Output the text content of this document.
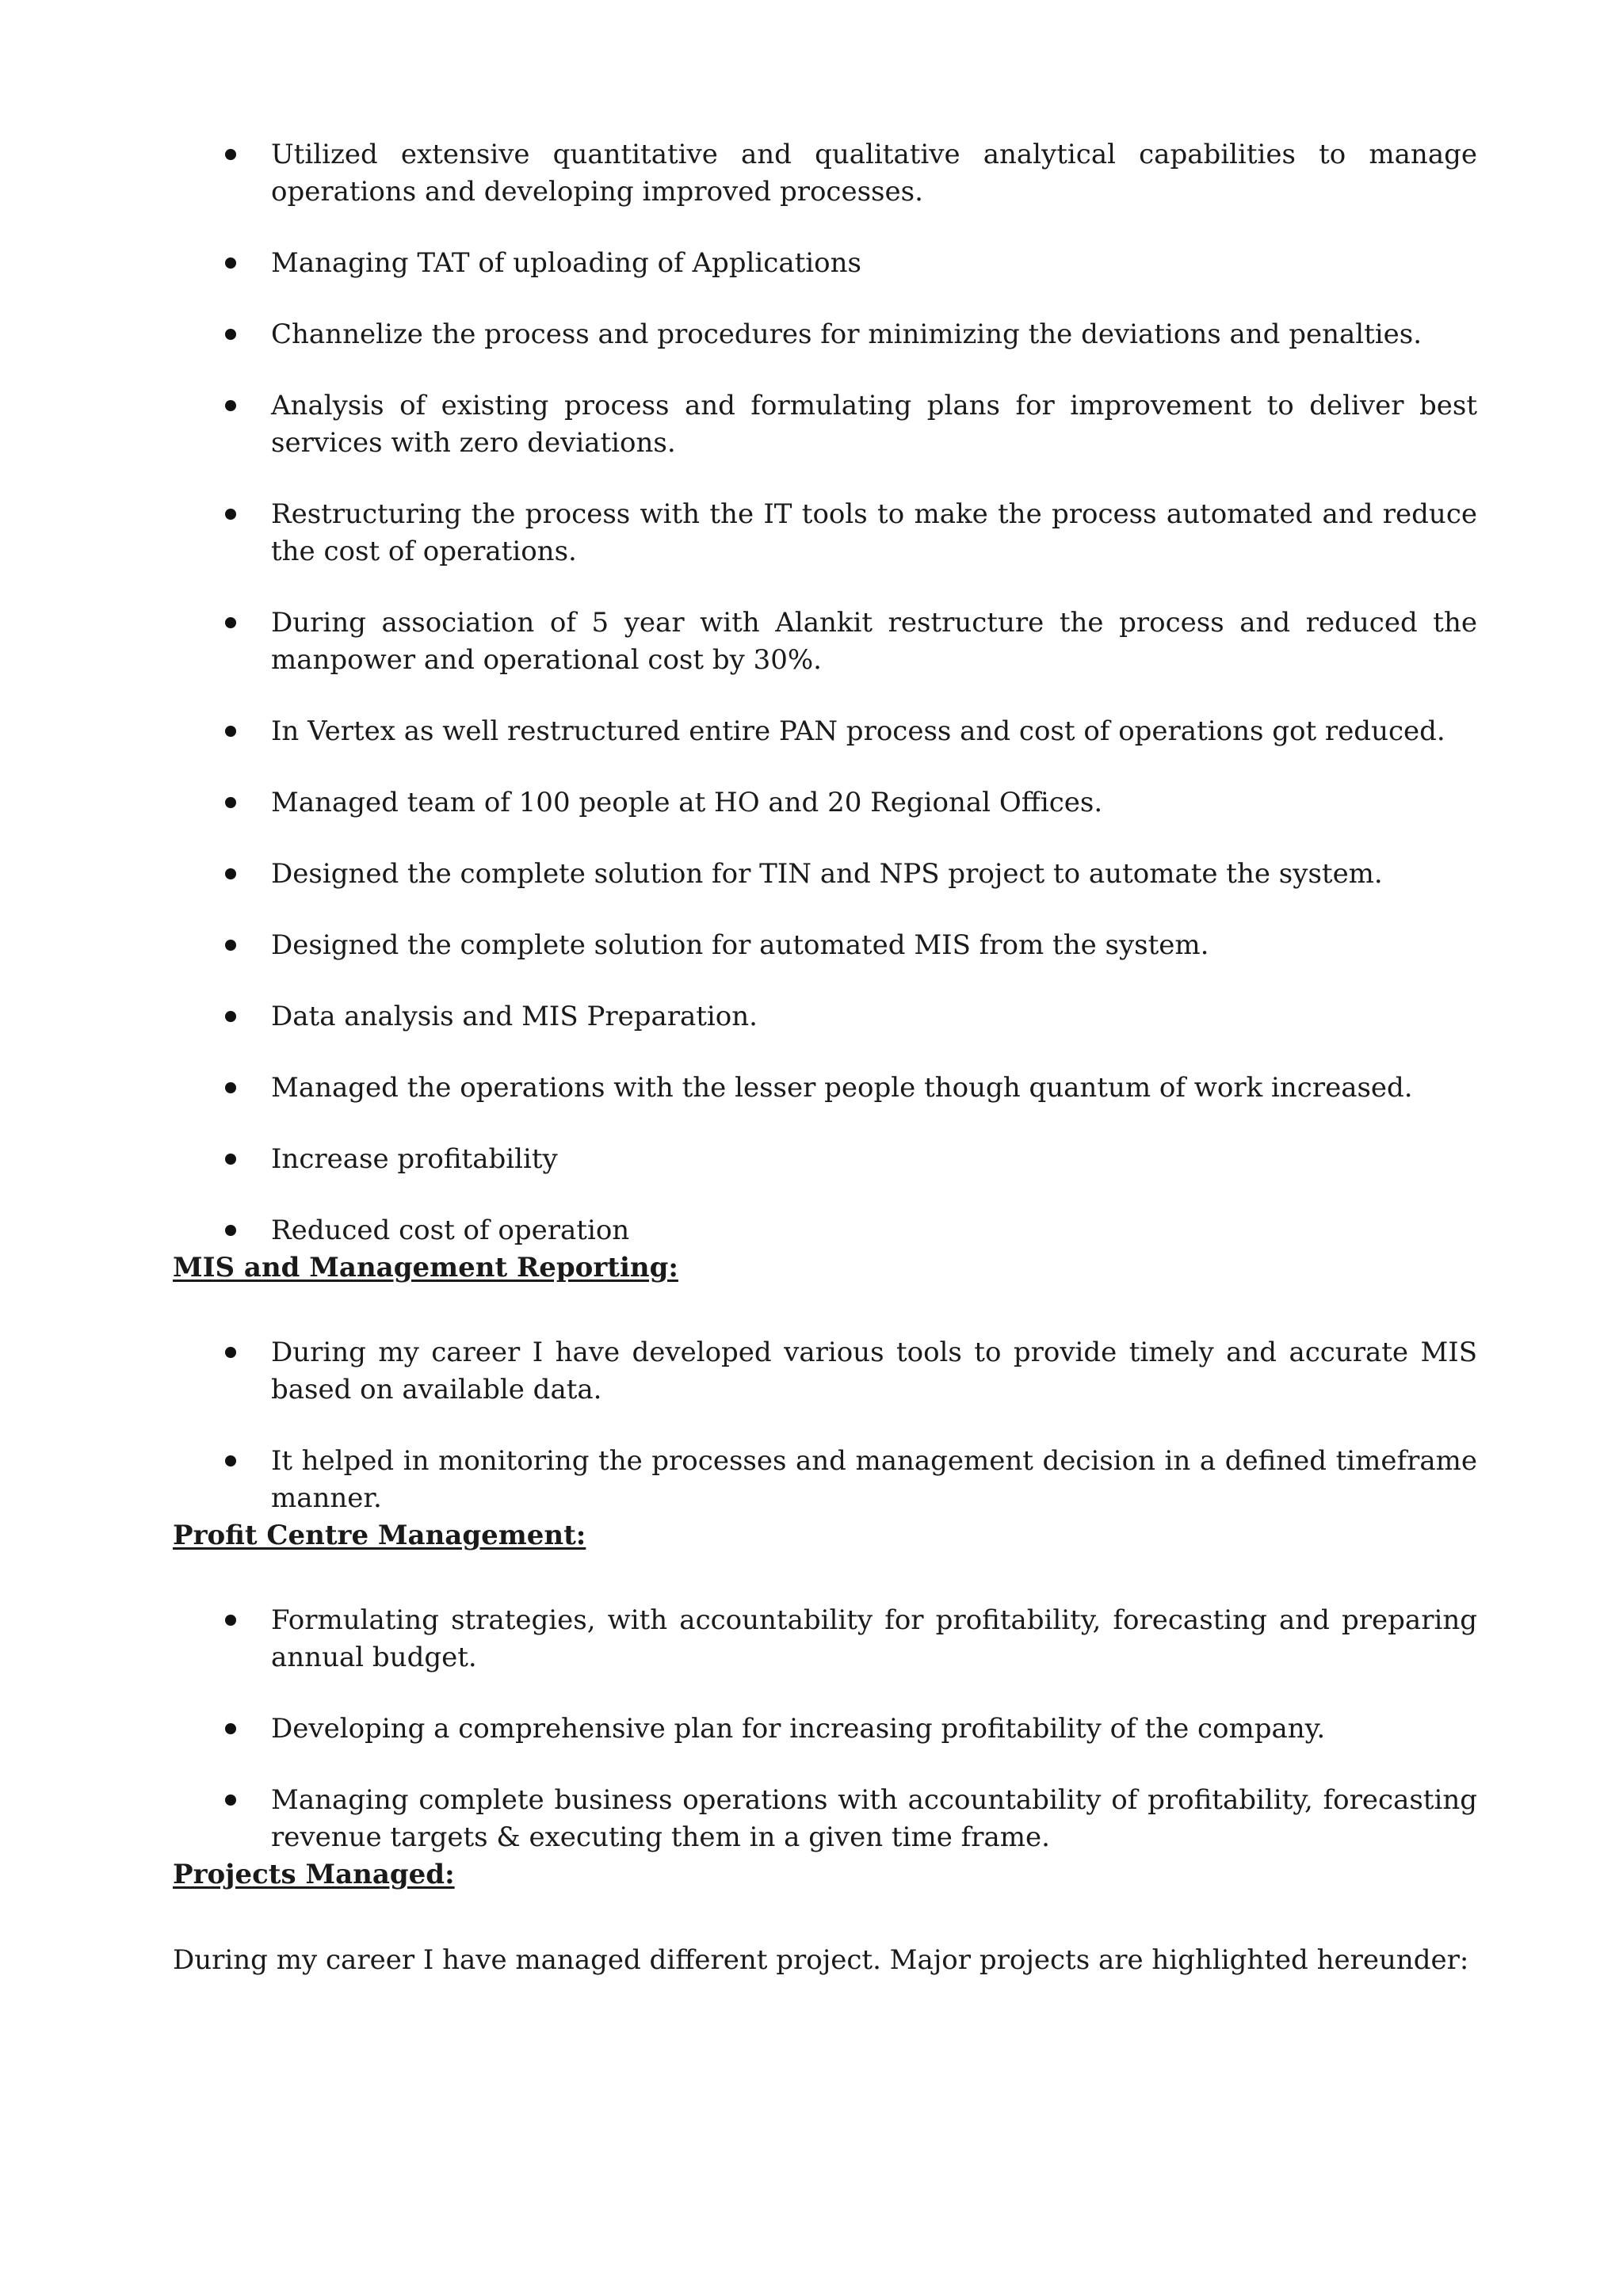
Utilized extensive quantitative and qualitative analytical capabilities to manage operations and developing improved processes.
Managing TAT of uploading of Applications
Channelize the process and procedures for minimizing the deviations and penalties.
Analysis of existing process and formulating plans for improvement to deliver best services with zero deviations.
Restructuring the process with the IT tools to make the process automated and reduce the cost of operations.
During association of 5 year with Alankit restructure the process and reduced the manpower and operational cost by 30%.
In Vertex as well restructured entire PAN process and cost of operations got reduced.
Managed team of 100 people at HO and 20 Regional Offices.
Designed the complete solution for TIN and NPS project to automate the system.
Designed the complete solution for automated MIS from the system.
Data analysis and MIS Preparation.
Managed the operations with the lesser people though quantum of work increased.
Increase profitability
Reduced cost of operation

MIS and Management Reporting:

During my career I have developed various tools to provide timely and accurate MIS based on available data.
It helped in monitoring the processes and management decision in a defined timeframe manner.

Profit Centre Management:

Formulating strategies, with accountability for profitability, forecasting and preparing annual budget.
Developing a comprehensive plan for increasing profitability of the company.
Managing complete business operations with accountability of profitability, forecasting revenue targets & executing them in a given time frame.

Projects Managed:

During my career I have managed different project. Major projects are highlighted hereunder:
